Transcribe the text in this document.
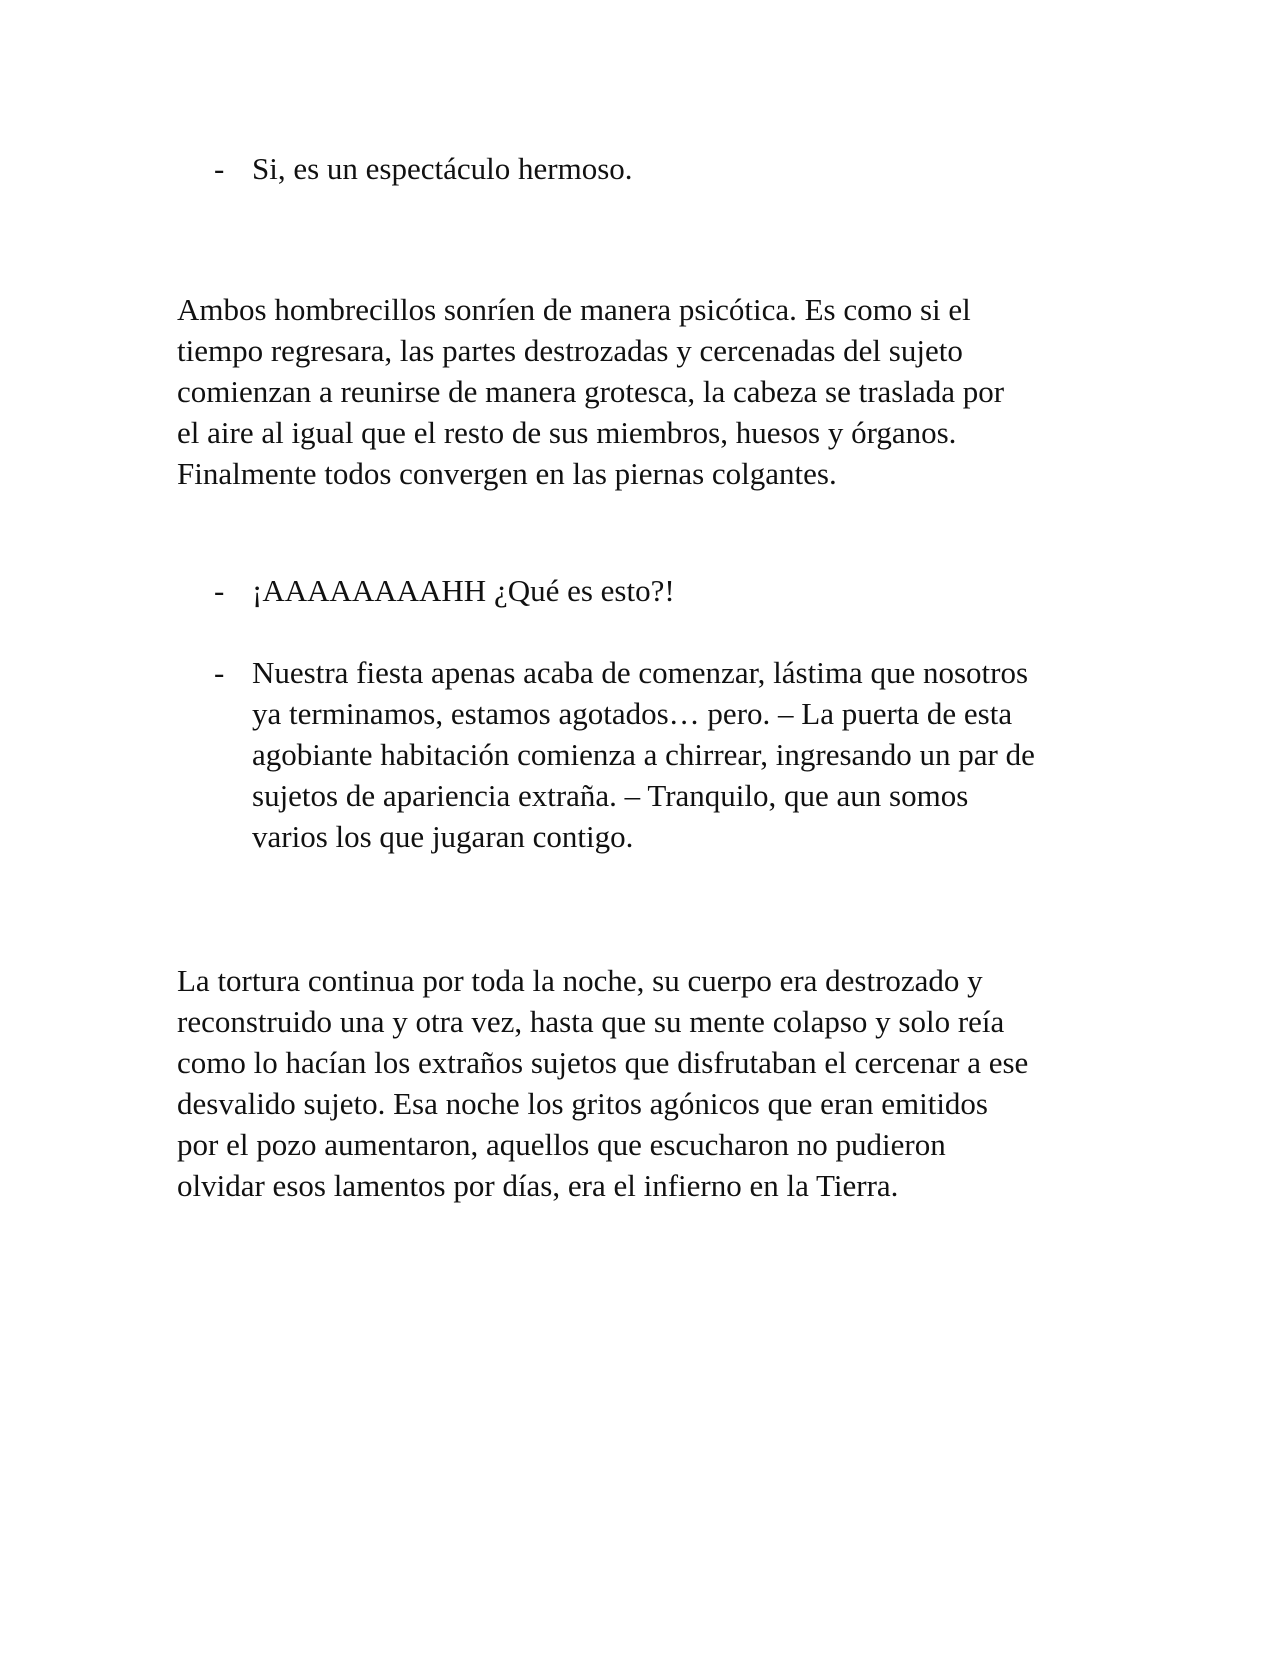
- Si, es un espectáculo hermoso.
Ambos hombrecillos sonríen de manera psicótica. Es como si el
tiempo regresara, las partes destrozadas y cercenadas del sujeto
comienzan a reunirse de manera grotesca, la cabeza se traslada por
el aire al igual que el resto de sus miembros, huesos y órganos.
Finalmente todos convergen en las piernas colgantes.
- ¡AAAAAAAAHH ¿Qué es esto?!
- Nuestra fiesta apenas acaba de comenzar, lástima que nosotros
ya terminamos, estamos agotados… pero. – La puerta de esta
agobiante habitación comienza a chirrear, ingresando un par de
sujetos de apariencia extraña. – Tranquilo, que aun somos
varios los que jugaran contigo.
La tortura continua por toda la noche, su cuerpo era destrozado y
reconstruido una y otra vez, hasta que su mente colapso y solo reía
como lo hacían los extraños sujetos que disfrutaban el cercenar a ese
desvalido sujeto. Esa noche los gritos agónicos que eran emitidos
por el pozo aumentaron, aquellos que escucharon no pudieron
olvidar esos lamentos por días, era el infierno en la Tierra.
